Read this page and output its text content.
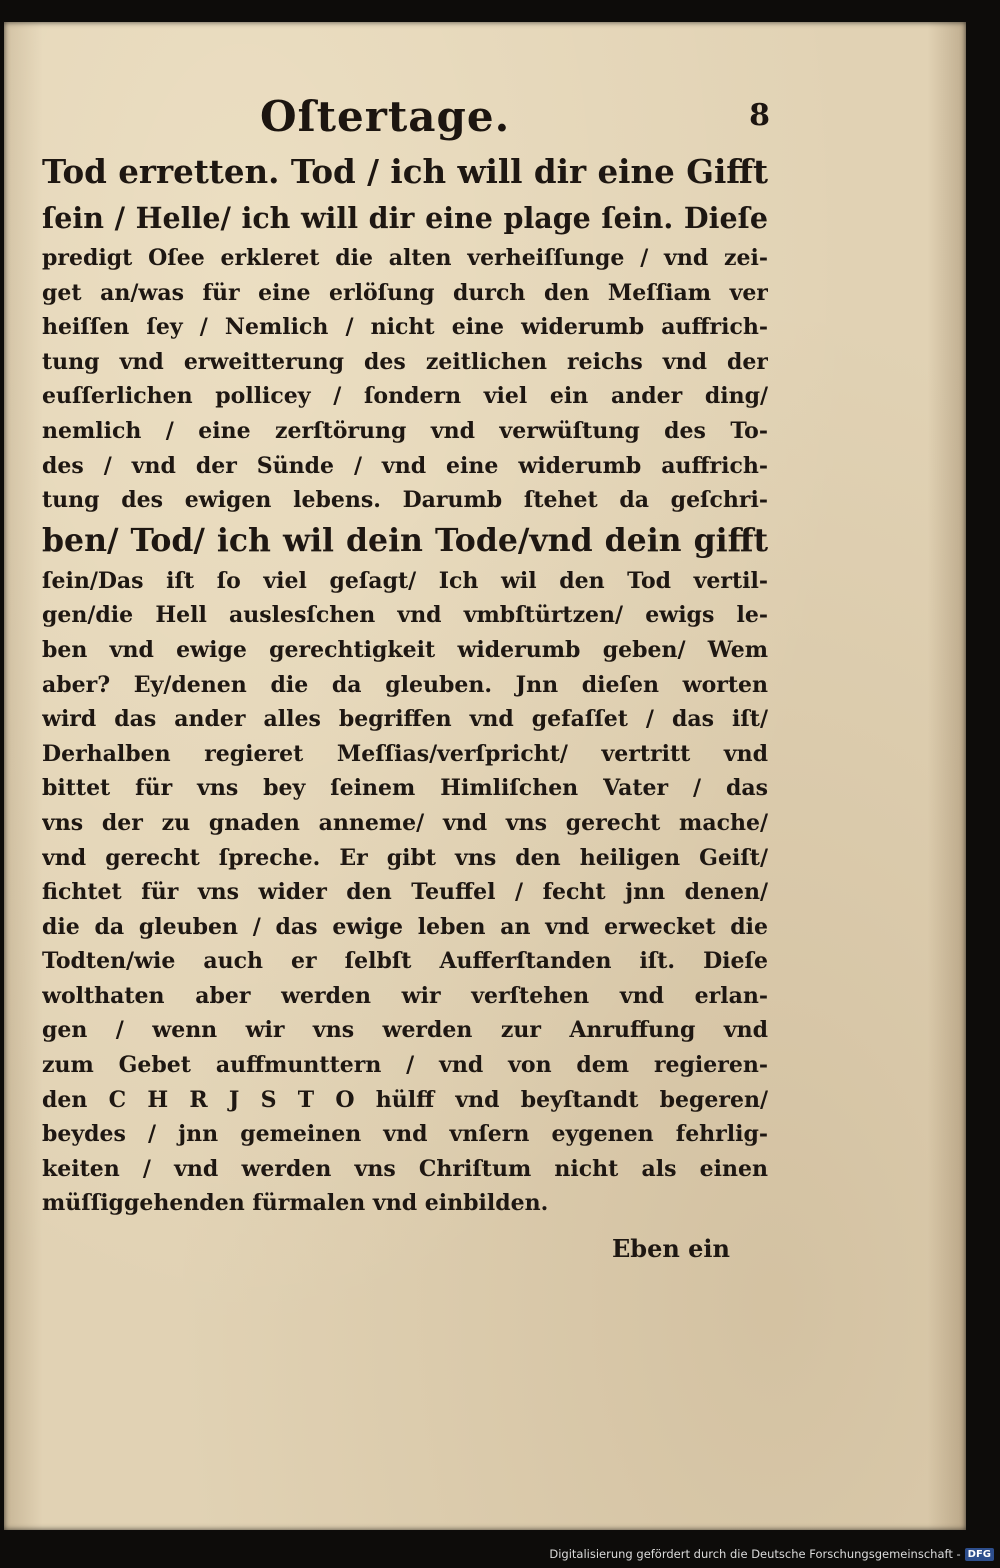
Oſtertage.	8
Tod erretten. Tod / ich will dir eine Gifft
ſein / Helle/ ich will dir eine plage ſein. Dieſe
predigt Oſee erkleret die alten verheiſſunge / vnd zei-
get an/was für eine erlöſung durch den Meſſiam ver
heiſſen ſey / Nemlich / nicht eine widerumb auffrich-
tung vnd erweitterung des zeitlichen reichs vnd der
euſſerlichen pollicey / ſondern viel ein ander ding/
nemlich / eine zerſtörung vnd verwüſtung des To-
des / vnd der Sünde / vnd eine widerumb auffrich-
tung des ewigen lebens. Darumb ſtehet da geſchri-
ben/ Tod/ ich wil dein Tode/vnd dein gifft
ſein/Das iſt ſo viel geſagt/ Ich wil den Tod vertil-
gen/die Hell auslesſchen vnd vmbſtürtzen/ ewigs le-
ben vnd ewige gerechtigkeit widerumb geben/ Wem
aber? Ey/denen die da gleuben. Jnn dieſen worten
wird das ander alles begriffen vnd gefaſſet / das iſt/
Derhalben regieret Meſſias/verſpricht/ vertritt vnd
bittet für vns bey ſeinem Himliſchen Vater / das
vns der zu gnaden anneme/ vnd vns gerecht mache/
vnd gerecht ſpreche. Er gibt vns den heiligen Geiſt/
fichtet für vns wider den Teuffel / fecht jnn denen/
die da gleuben / das ewige leben an vnd erwecket die
Todten/wie auch er ſelbſt Aufferſtanden iſt. Dieſe
wolthaten aber werden wir verſtehen vnd erlan-
gen / wenn wir vns werden zur Anruffung vnd
zum Gebet auffmunttern / vnd von dem regieren-
den C H R J S T O hülff vnd beyſtandt begeren/
beydes / jnn gemeinen vnd vnſern eygenen fehrlig-
keiten / vnd werden vns Chriſtum nicht als einen
müſſiggehenden fürmalen vnd einbilden.
Eben ein
Digitalisierung gefördert durch die Deutsche Forschungsgemeinschaft - DFG
